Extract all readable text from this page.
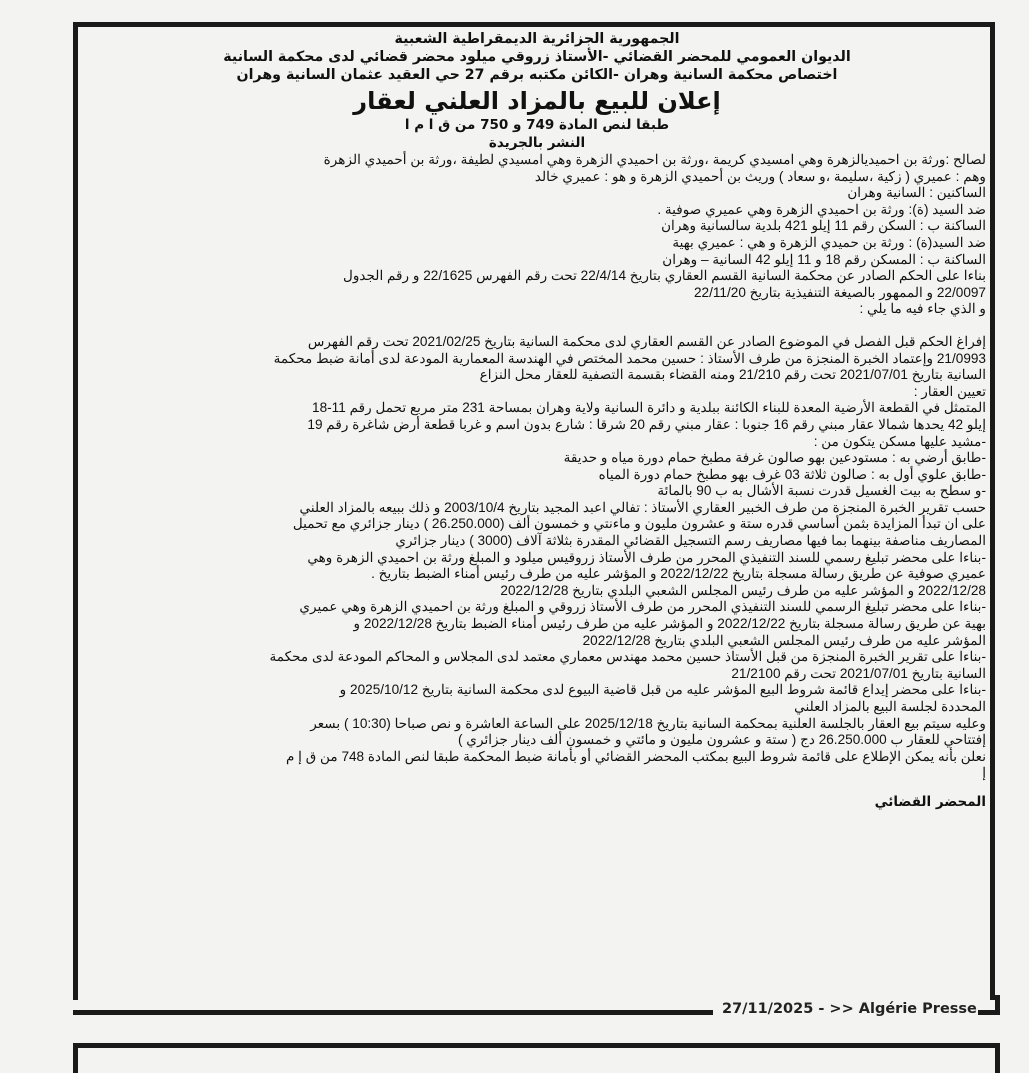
27/11/2025 - >> Algérie Presse
الجمهورية الجزائرية الديمقراطية الشعبية
الديوان العمومي للمحضر القضائي -الأستاذ زروقي ميلود محضر قضائي لدى محكمة السانية
اختصاص محكمة السانية وهران -الكائن مكتبه برقم 27 حي العقيد عثمان السانية وهران
إعلان للبيع بالمزاد العلني لعقار
طبقا لنص المادة 749 و 750 من ق ا م ا
النشر بالجريدة
لصالح :ورثة بن احميديالزهرة وهي امسيدي كريمة ،ورثة بن احميدي الزهرة وهي امسيدي لطيفة ،ورثة بن أحميدي الزهرة
وهم : عميري ( زكية ،سليمة ،و سعاد ) وريث بن أحميدي الزهرة و هو : عميري خالد
الساكنين : السانية وهران
ضد السيد (ة): ورثة بن احميدي الزهرة وهي عميري صوفية .
الساكنة ب : السكن رقم 11 إيلو 421 بلدية سالسانية وهران
ضد السيد(ة) : ورثة بن حميدي الزهرة و هي : عميري بهية
الساكنة ب : المسكن رقم 18 و 11 إيلو 42 السانية – وهران
بناءا على الحكم الصادر عن محكمة السانية القسم العقاري بتاريخ 22/4/14 تحت رقم الفهرس 22/1625 و رقم الجدول
22/0097 و الممهور بالصيغة التنفيذية بتاريخ 22/11/20
و الذي جاء فيه ما يلي :
إفراغ الحكم قبل الفصل في الموضوع الصادر عن القسم العقاري لدى محكمة السانية بتاريخ 2021/02/25 تحت رقم الفهرس
21/0993 وإعتماد الخبرة المنجزة من طرف الأستاذ : حسين محمد المختص في الهندسة المعمارية المودعة لدى أمانة ضبط محكمة
السانية بتاريخ 2021/07/01 تحت رقم 21/210 ومنه القضاء بقسمة التصفية للعقار محل النزاع
تعيين العقار :
المتمثل في القطعة الأرضية المعدة للبناء الكائنة ببلدية و دائرة السانية ولاية وهران بمساحة 231 متر مربع تحمل رقم 11-18
إيلو 42 يحدها شمالا عقار مبني رقم 16 جنوبا : عقار مبني رقم 20 شرقا : شارع بدون اسم و غربا قطعة أرض شاغرة رقم 19
-مشيد عليها مسكن يتكون من :
-طابق أرضي به : مستودعين بهو صالون غرفة مطبخ حمام دورة مياه و حديقة
-طابق علوي أول به : صالون ثلاثة 03 غرف بهو مطبخ حمام دورة المياه
-و سطح به بيت الغسيل قدرت نسبة الأشال به ب 90 بالمائة
حسب تقرير الخبرة المنجزة من طرف الخبير العقاري الأستاذ : تفالي اعبد المجيد بتاريخ 2003/10/4 و ذلك ببيعه بالمزاد العلني
على ان تبدأ المزايدة بثمن أساسي قدره ستة و عشرون مليون و ماءنتي و خمسون ألف (26.250.000 ) دينار جزائري مع تحميل
المصاريف مناصفة بينهما بما فيها مصاريف رسم التسجيل القضائي المقدرة بثلاثة آلاف (3000 ) دينار جزائري
-بناءا على محضر تبليغ رسمي للسند التنفيذي المحرر من طرف الأستاذ زروقيس ميلود و المبلغ ورثة بن احميدي الزهرة وهي
عميري صوفية عن طريق رسالة مسجلة بتاريخ 2022/12/22 و المؤشر عليه من طرف رئيس أمناء الضبط بتاريخ .
2022/12/28 و المؤشر عليه من طرف رئيس المجلس الشعبي البلدي بتاريخ 2022/12/28
-بناءا على محضر تبليغ الرسمي للسند التنفيذي المحرر من طرف الأستاذ زروقي و المبلغ ورثة بن احميدي الزهرة وهي عميري
بهية عن طريق رسالة مسجلة بتاريخ 2022/12/22 و المؤشر عليه من طرف رئيس أمناء الضبط بتاريخ 2022/12/28 و
المؤشر عليه من طرف رئيس المجلس الشعبي البلدي بتاريخ 2022/12/28
-بناءا على تقرير الخبرة المنجزة من قبل الأستاذ حسين محمد مهندس معماري معتمد لدى المجلاس و المحاكم المودعة لدى محكمة
السانية بتاريخ 2021/07/01 تحت رقم 21/2100
-بناءا على محضر إيداع قائمة شروط البيع المؤشر عليه من قبل قاضية البيوع لدى محكمة السانية بتاريخ 2025/10/12 و
المحددة لجلسة البيع بالمزاد العلني
وعليه سيتم بيع العقار بالجلسة العلنية بمحكمة السانية بتاريخ 2025/12/18 على الساعة العاشرة و نص صباحا (10:30 ) بسعر
إفتتاحي للعقار ب 26.250.000 دج ( ستة و عشرون مليون و مائتي و خمسون ألف دينار جزائري )
نعلن بأنه يمكن الإطلاع على قائمة شروط البيع بمكتب المحضر القضائي أو بأمانة ضبط المحكمة طبقا لنص المادة 748 من ق إ م
إ
المحضر القضائي
